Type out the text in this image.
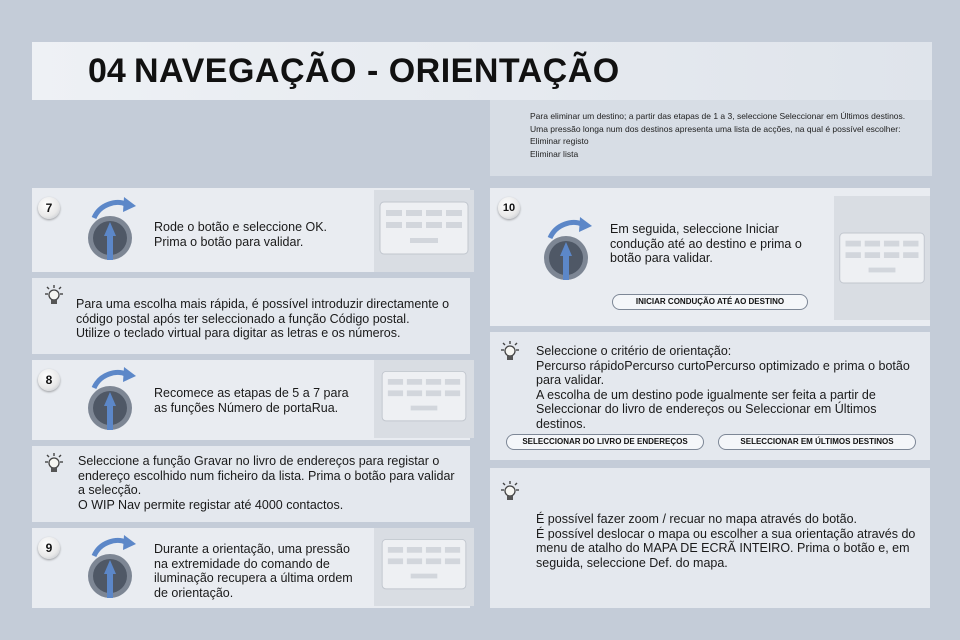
04 NAVEGAÇÃO - ORIENTAÇÃO

Para eliminar um destino; a partir das etapas de 1 a 3, seleccione Seleccionar em Últimos destinos.

Uma pressão longa num dos destinos apresenta uma lista de acções, na qual é possível escolher:

Eliminar registo

Eliminar lista

7
Rode o botão e seleccione OK.
Prima o botão para validar.
Para uma escolha mais rápida, é possível introduzir directamente o
código postal após ter seleccionado a função Código postal.
Utilize o teclado virtual para digitar as letras e os números.
8
Recomece as etapas de 5 a 7 para
as funções Número de portaRua.
Seleccione a função Gravar no livro de endereços para registar o
endereço escolhido num ficheiro da lista. Prima o botão para validar
a selecção.
O WIP Nav permite registar até 4000 contactos.
9	Durante a orientação, uma pressão
na extremidade do comando de
iluminação recupera a última ordem
de orientação.
10
Em seguida, seleccione Iniciar
condução até ao destino e prima o
botão para validar.
INICIAR CONDUÇÃO ATÉ AO DESTINO
Seleccione o critério de orientação:
Percurso rápidoPercurso curtoPercurso optimizado e prima o botão
para validar.
A escolha de um destino pode igualmente ser feita a partir de
Seleccionar do livro de endereços ou Seleccionar em Últimos
destinos.
SELECCIONAR DO LIVRO DE ENDEREÇOS	SELECCIONAR EM ÚLTIMOS DESTINOS
É possível fazer zoom / recuar no mapa através do botão.
É possível deslocar o mapa ou escolher a sua orientação através do
menu de atalho do MAPA DE ECRÃ INTEIRO. Prima o botão e, em
seguida, seleccione Def. do mapa.
